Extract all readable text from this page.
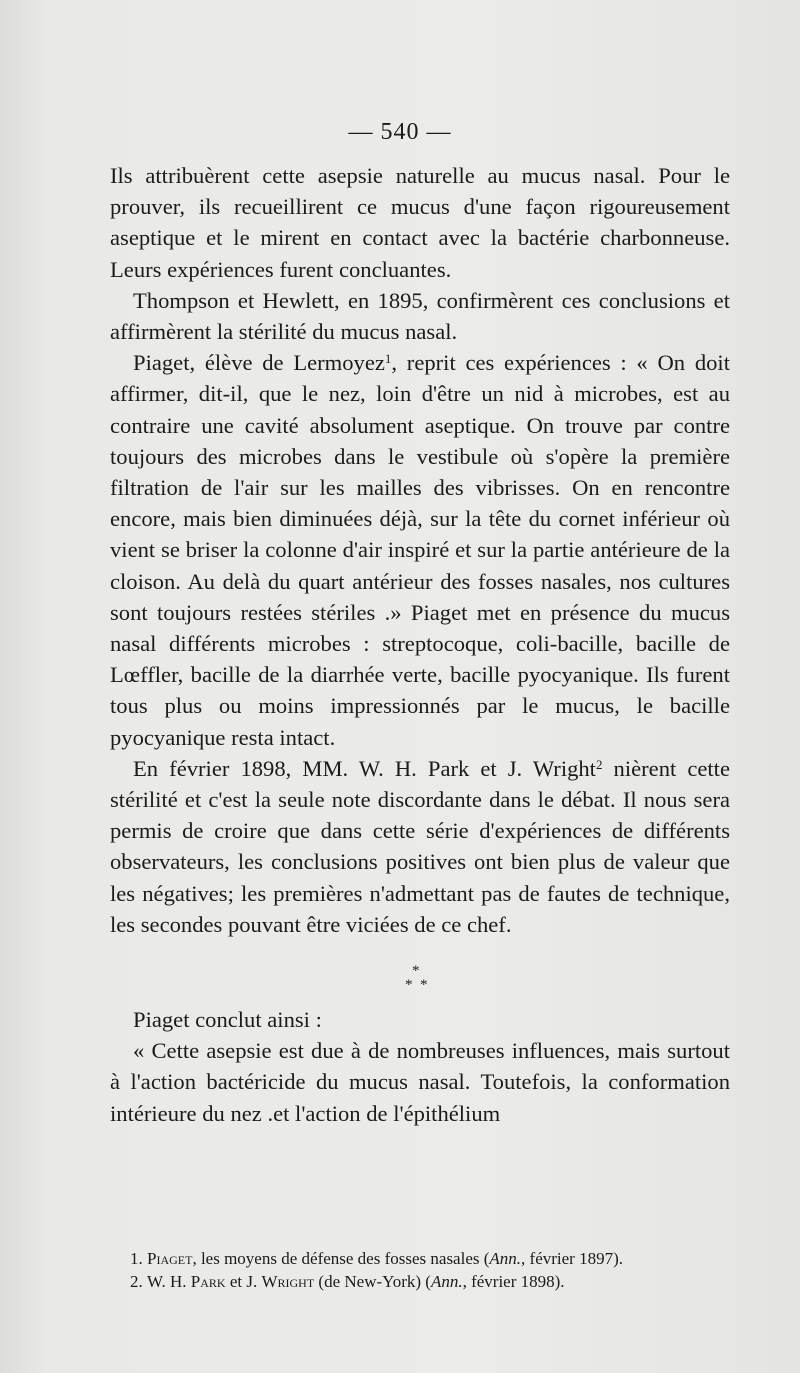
— 540 —

Ils attribuèrent cette asepsie naturelle au mucus nasal. Pour le prouver, ils recueillirent ce mucus d'une façon rigoureusement aseptique et le mirent en contact avec la bactérie charbonneuse. Leurs expériences furent concluantes.

Thompson et Hewlett, en 1895, confirmèrent ces conclusions et affirmèrent la stérilité du mucus nasal.

Piaget, élève de Lermoyez$^1$, reprit ces expériences : « On doit affirmer, dit-il, que le nez, loin d'être un nid à microbes, est au contraire une cavité absolument aseptique. On trouve par contre toujours des microbes dans le vestibule où s'opère la première filtration de l'air sur les mailles des vibrisses. On en rencontre encore, mais bien diminuées déjà, sur la tête du cornet inférieur où vient se briser la colonne d'air inspiré et sur la partie antérieure de la cloison. Au delà du quart antérieur des fosses nasales, nos cultures sont toujours restées stériles .» Piaget met en présence du mucus nasal différents microbes : streptocoque, coli-bacille, bacille de Lœffler, bacille de la diarrhée verte, bacille pyocyanique. Ils furent tous plus ou moins impressionnés par le mucus, le bacille pyocyanique resta intact.

En février 1898, MM. W. H. Park et J. Wright$^2$ nièrent cette stérilité et c'est la seule note discordante dans le débat. Il nous sera permis de croire que dans cette série d'expériences de différents observateurs, les conclusions positives ont bien plus de valeur que les négatives; les premières n'admettant pas de fautes de technique, les secondes pouvant être viciées de ce chef.

*
* *

Piaget conclut ainsi :

« Cette asepsie est due à de nombreuses influences, mais surtout à l'action bactéricide du mucus nasal. Toutefois, la conformation intérieure du nez .et l'action de l'épithélium

1. Piaget, les moyens de défense des fosses nasales (Ann., février 1897).
2. W. H. Park et J. Wright (de New-York) (Ann., février 1898).
